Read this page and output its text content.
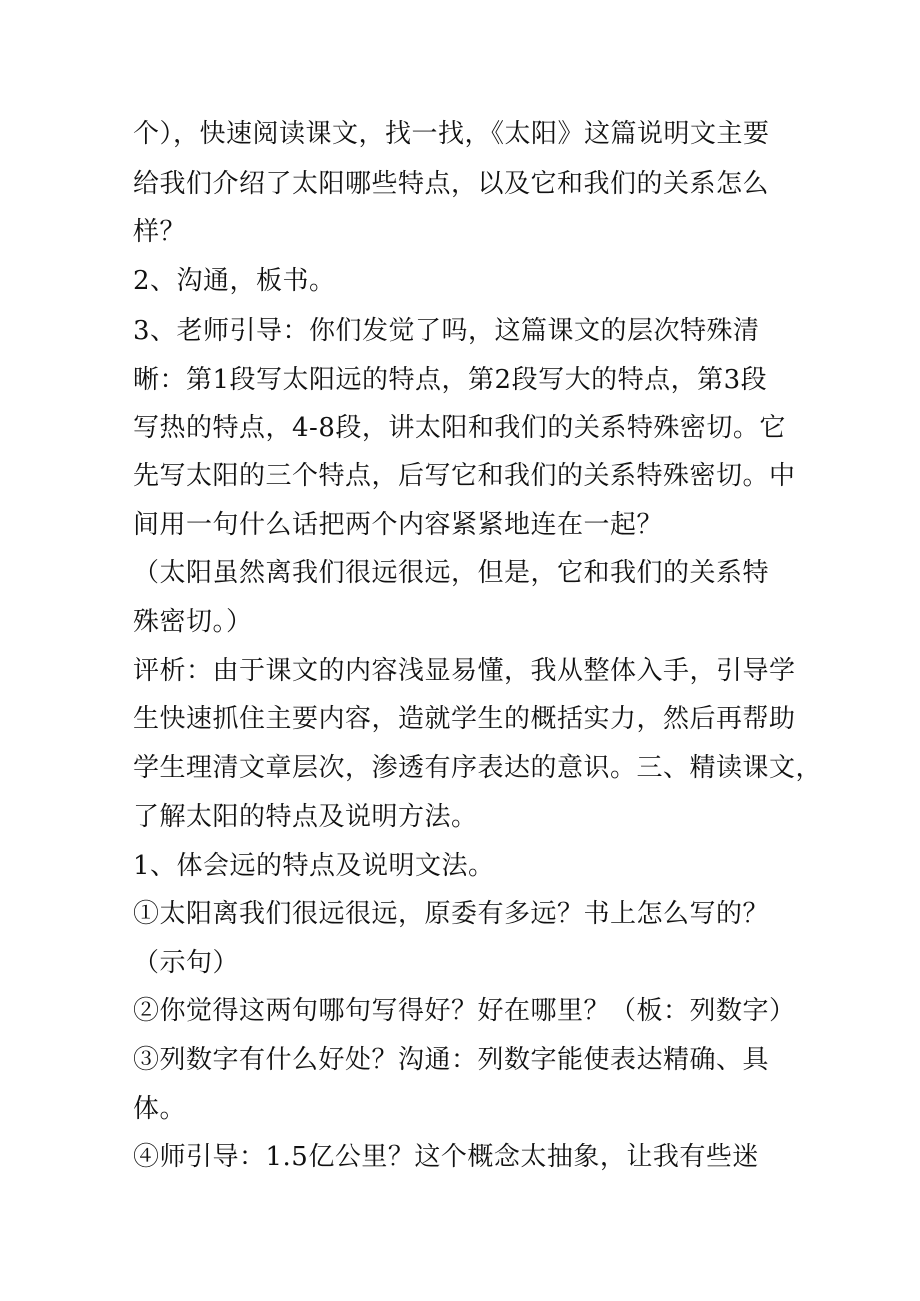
个），快速阅读课文，找一找，《太阳》这篇说明文主要
给我们介绍了太阳哪些特点，以及它和我们的关系怎么
样？
2、沟通，板书。
3、老师引导：你们发觉了吗，这篇课文的层次特殊清
晰：第1段写太阳远的特点，第2段写大的特点，第3段
写热的特点，4-8段，讲太阳和我们的关系特殊密切。它
先写太阳的三个特点，后写它和我们的关系特殊密切。中
间用一句什么话把两个内容紧紧地连在一起？
（太阳虽然离我们很远很远，但是，它和我们的关系特
殊密切。）
评析：由于课文的内容浅显易懂，我从整体入手，引导学
生快速抓住主要内容，造就学生的概括实力，然后再帮助
学生理清文章层次，渗透有序表达的意识。三、精读课文，
了解太阳的特点及说明方法。
1、体会远的特点及说明文法。
①太阳离我们很远很远，原委有多远？书上怎么写的？
（示句）
②你觉得这两句哪句写得好？好在哪里？（板：列数字）
③列数字有什么好处？沟通：列数字能使表达精确、具
体。
④师引导：1.5亿公里？这个概念太抽象，让我有些迷
